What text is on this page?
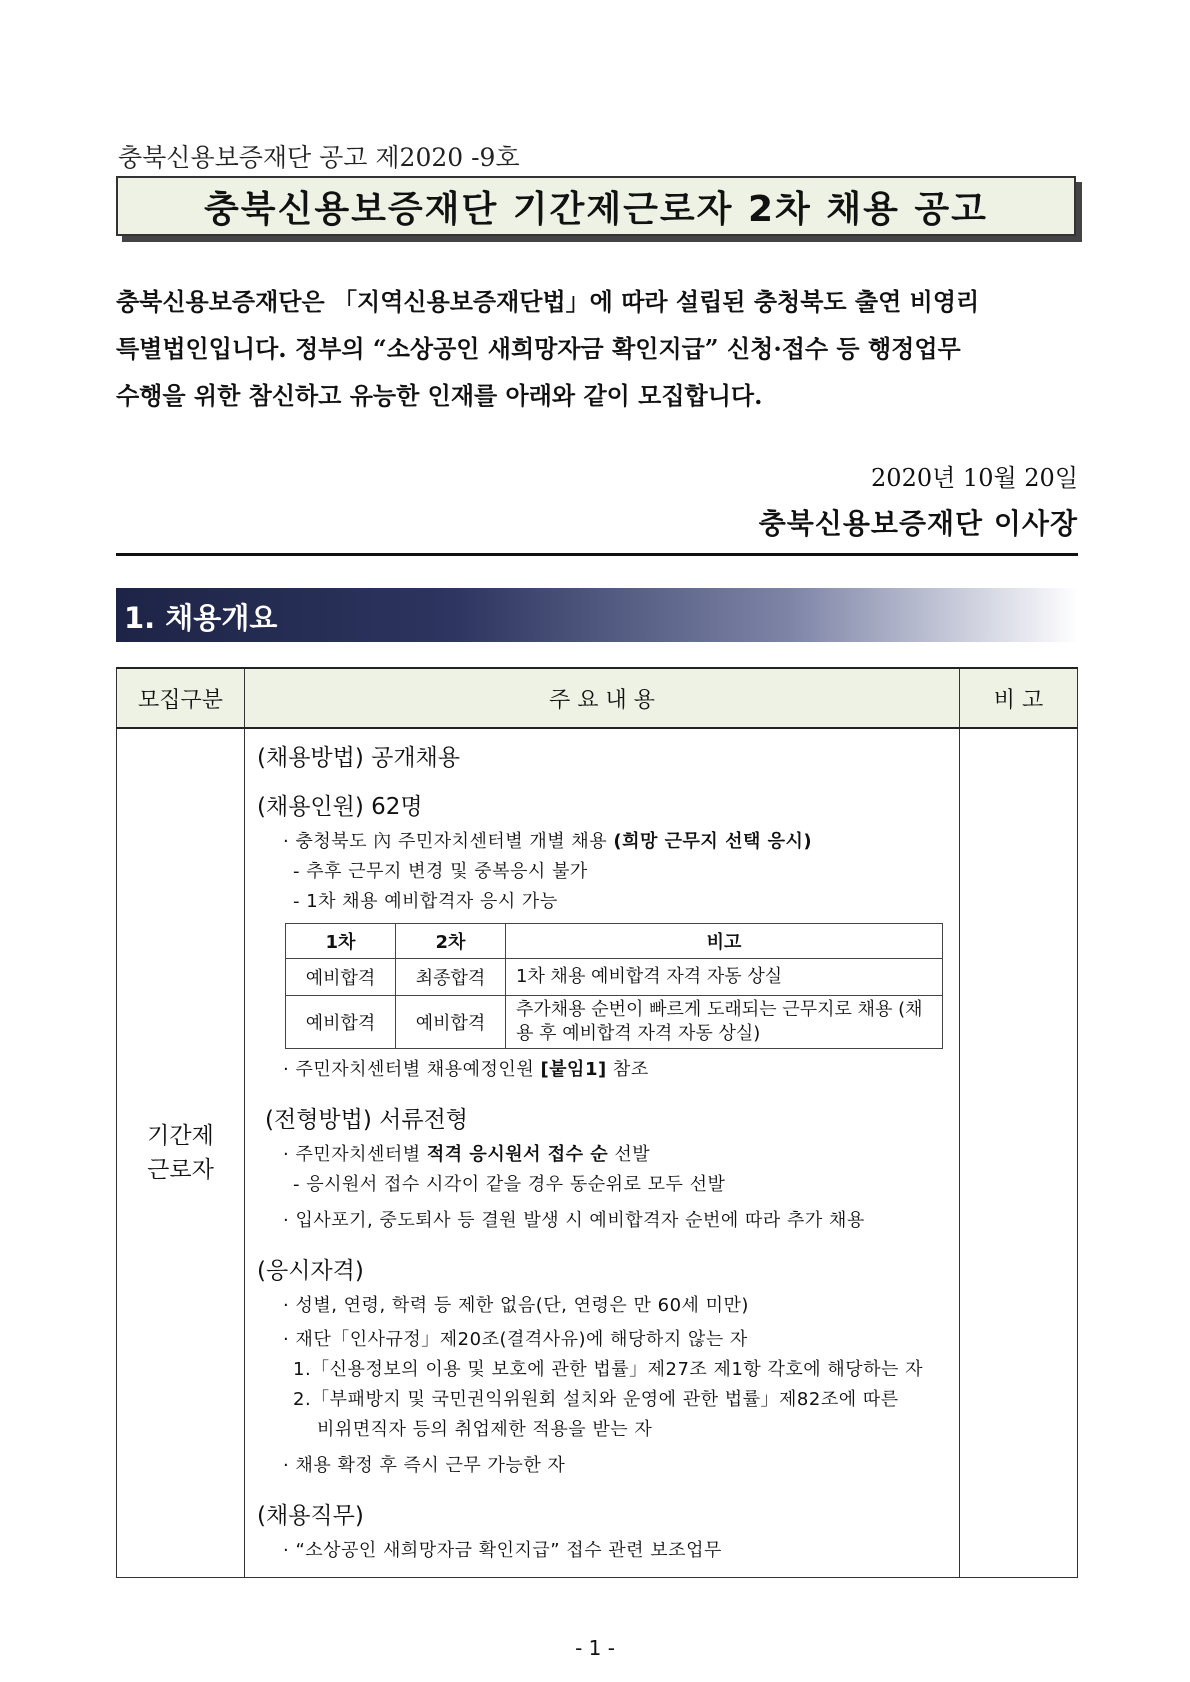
충북신용보증재단 공고 제2020 -9호
충북신용보증재단 기간제근로자 2차 채용 공고
충북신용보증재단은 「지역신용보증재단법」에 따라 설립된 충청북도 출연 비영리
특별법인입니다. 정부의 “소상공인 새희망자금 확인지급” 신청·접수 등 행정업무
수행을 위한 참신하고 유능한 인재를 아래와 같이 모집합니다.
2020년 10월 20일
충북신용보증재단 이사장
1. 채용개요
모집구분	주 요 내 용	비 고

기간제
근로자

(채용방법) 공개채용
(채용인원) 62명
· 충청북도 內 주민자치센터별 개별 채용 (희망 근무지 선택 응시)
- 추후 근무지 변경 및 중복응시 불가
- 1차 채용 예비합격자 응시 가능
1차	2차	비고
예비합격	최종합격	1차 채용 예비합격 자격 자동 상실
예비합격	예비합격	추가채용 순번이 빠르게 도래되는 근무지로 채용 (채용 후 예비합격 자격 자동 상실)
· 주민자치센터별 채용예정인원 [붙임1] 참조
(전형방법) 서류전형
· 주민자치센터별 적격 응시원서 접수 순 선발
- 응시원서 접수 시각이 같을 경우 동순위로 모두 선발
· 입사포기, 중도퇴사 등 결원 발생 시 예비합격자 순번에 따라 추가 채용
(응시자격)
· 성별, 연령, 학력 등 제한 없음(단, 연령은 만 60세 미만)
· 재단「인사규정」제20조(결격사유)에 해당하지 않는 자
1.「신용정보의 이용 및 보호에 관한 법률」제27조 제1항 각호에 해당하는 자
2.「부패방지 및 국민권익위원회 설치와 운영에 관한 법률」제82조에 따른
비위면직자 등의 취업제한 적용을 받는 자
· 채용 확정 후 즉시 근무 가능한 자
(채용직무)
· “소상공인 새희망자금 확인지급” 접수 관련 보조업무

- 1 -
